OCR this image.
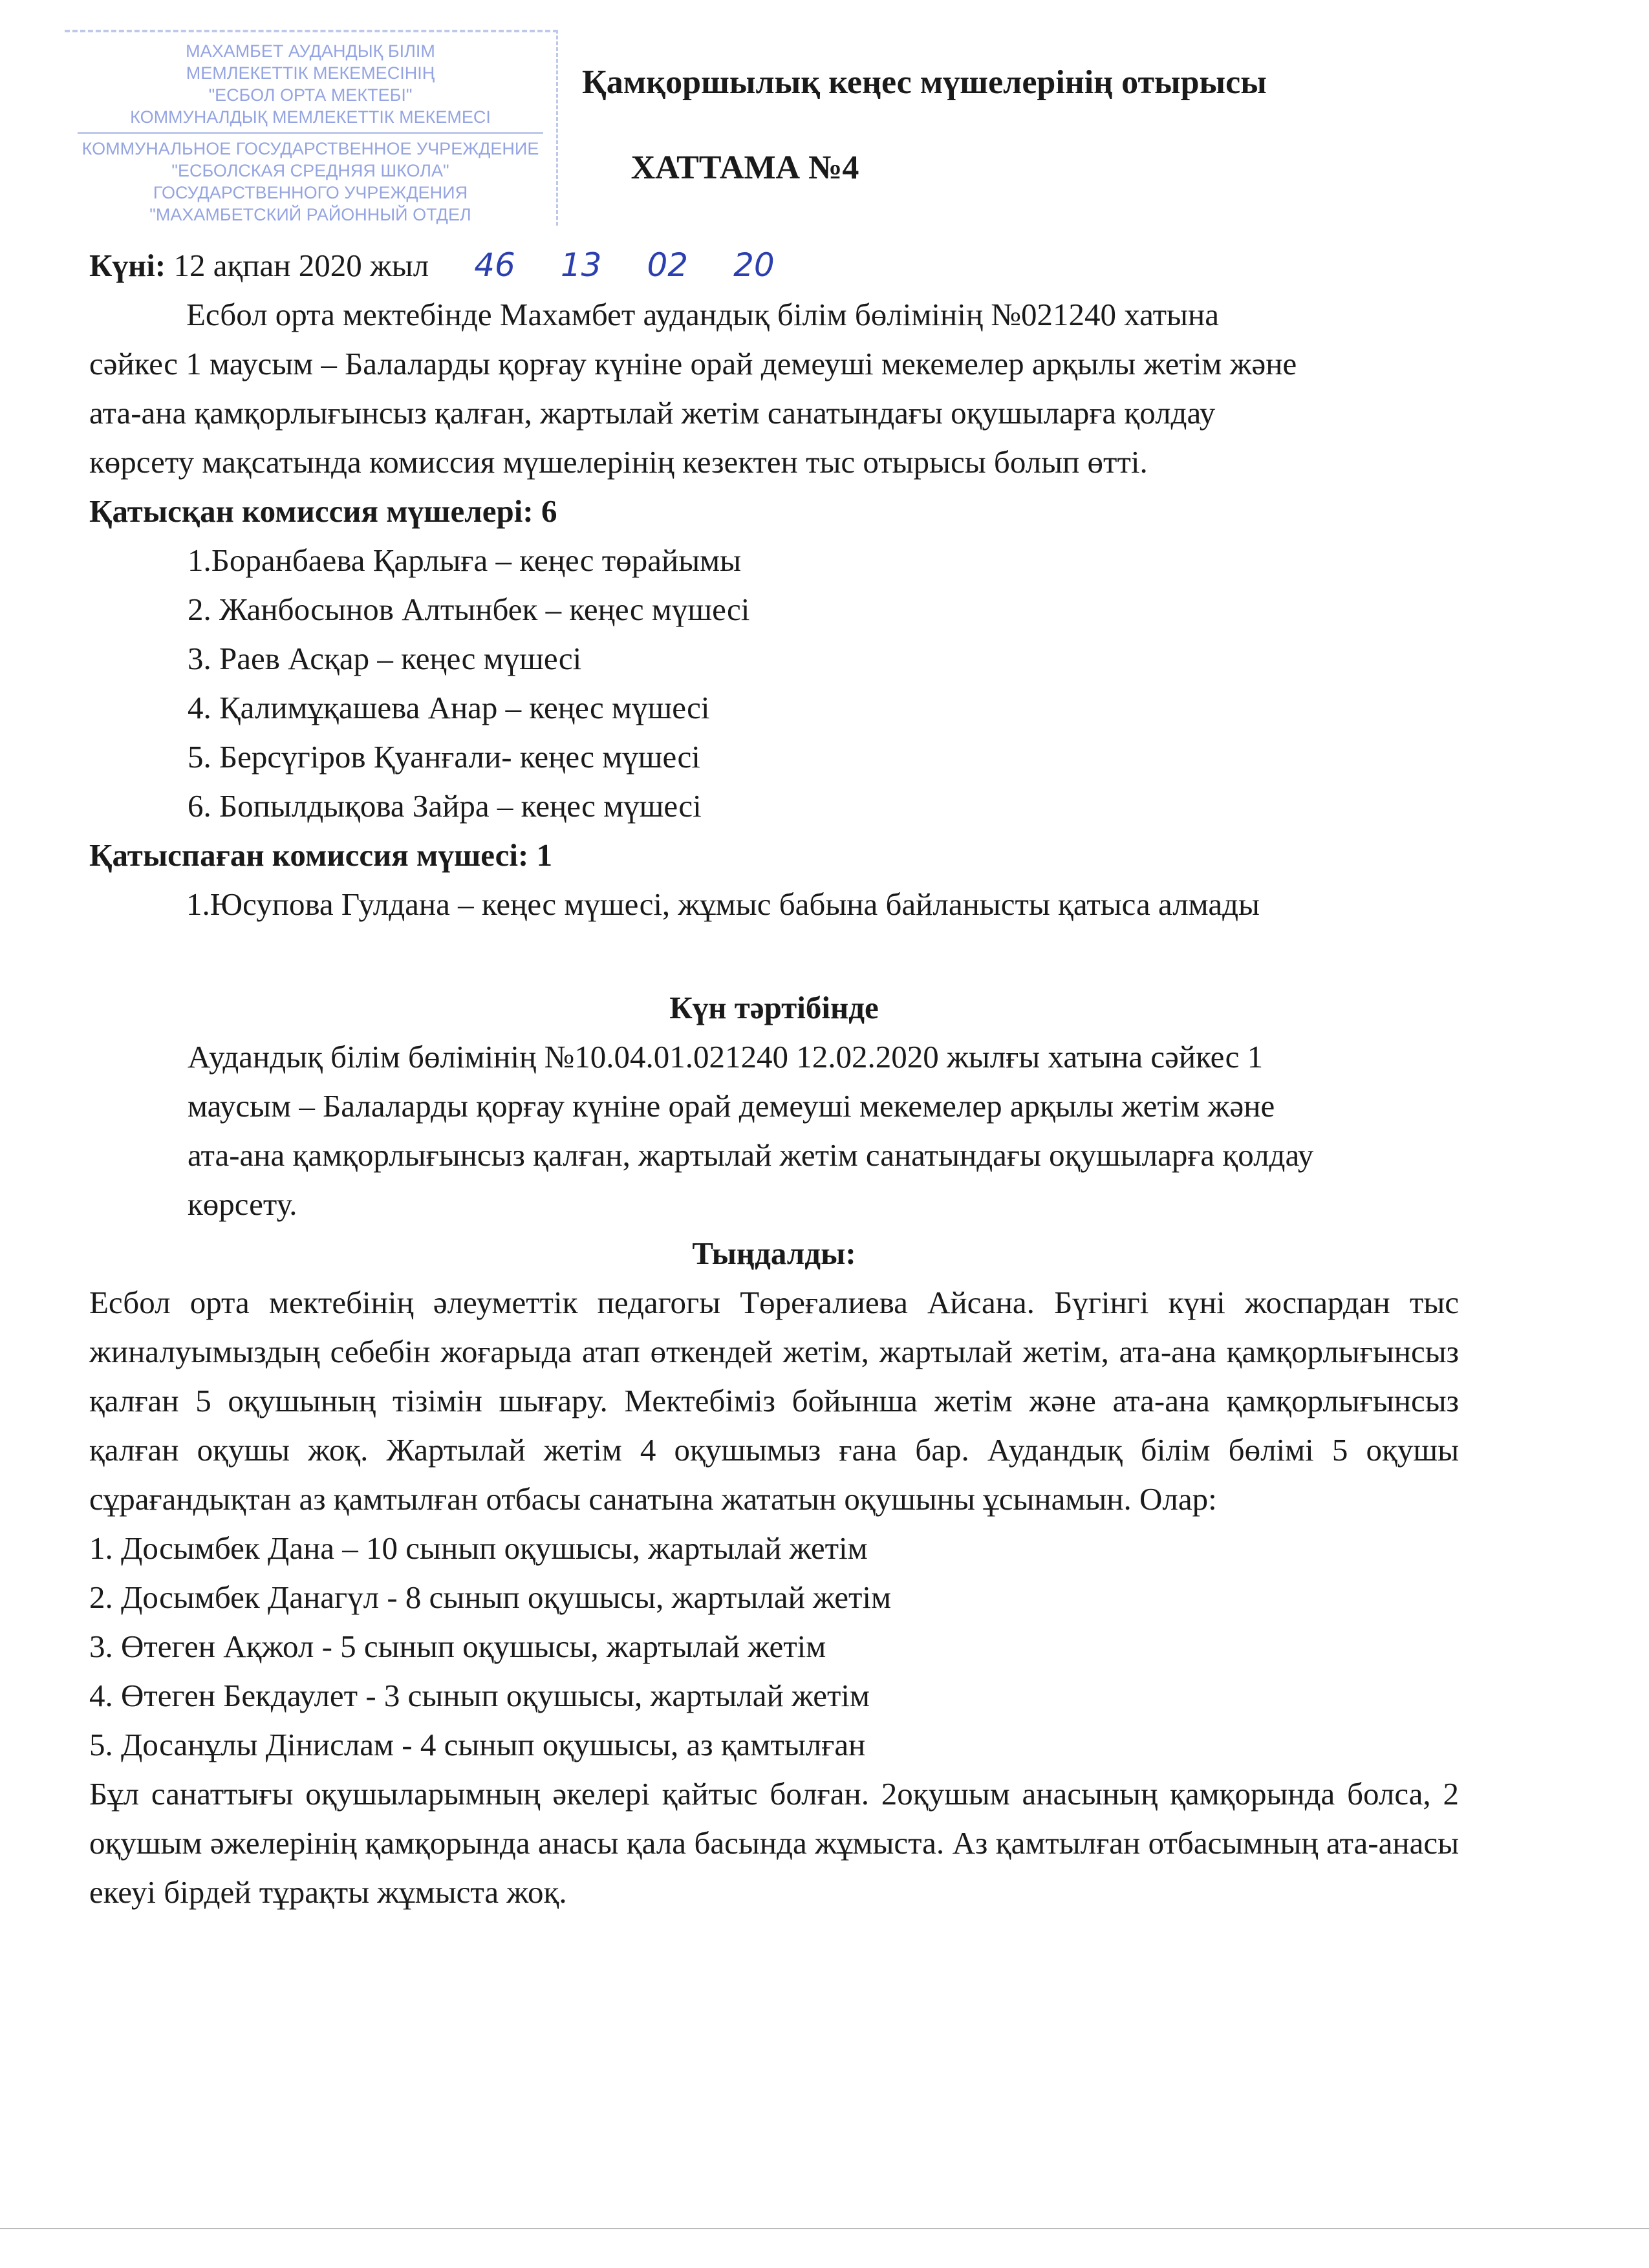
МАХАМБЕТ АУДАНДЫҚ БІЛІМ
МЕМЛЕКЕТТІК МЕКЕМЕСІНІҢ
"ЕСБОЛ ОРТА МЕКТЕБІ"
КОММУНАЛДЫҚ МЕМЛЕКЕТТІК МЕКЕМЕСІ
КОММУНАЛЬНОЕ ГОСУДАРСТВЕННОЕ УЧРЕЖДЕНИЕ
"ЕСБОЛСКАЯ СРЕДНЯЯ ШКОЛА"
ГОСУДАРСТВЕННОГО УЧРЕЖДЕНИЯ
"МАХАМБЕТСКИЙ РАЙОННЫЙ ОТДЕЛ
Қамқоршылық кеңес мүшелерінің отырысы
ХАТТАМА №4
Күні: 12 ақпан 2020 жыл 46 13 02 20
Есбол орта мектебінде Махамбет аудандық білім бөлімінің №021240 хатына сәйкес 1 маусым – Балаларды қорғау күніне орай демеуші мекемелер арқылы жетім және ата-ана қамқорлығынсыз қалған, жартылай жетім санатындағы оқушыларға қолдау көрсету мақсатында комиссия мүшелерінің кезектен тыс отырысы болып өтті.
Қатысқан комиссия мүшелері: 6
1.Боранбаева Қарлыға – кеңес төрайымы
2. Жанбосынов Алтынбек – кеңес мүшесі
3. Раев Асқар – кеңес мүшесі
4. Қалимұқашева Анар – кеңес мүшесі
5. Берсүгіров Қуанғали- кеңес мүшесі
6. Бопылдықова Зайра – кеңес мүшесі
Қатыспаған комиссия мүшесі: 1
1.Юсупова Гулдана – кеңес мүшесі, жұмыс бабына байланысты қатыса алмады
Күн тәртібінде
Аудандық білім бөлімінің №10.04.01.021240 12.02.2020 жылғы хатына сәйкес 1 маусым – Балаларды қорғау күніне орай демеуші мекемелер арқылы жетім және ата-ана қамқорлығынсыз қалған, жартылай жетім санатындағы оқушыларға қолдау көрсету.
Тыңдалды:
Есбол орта мектебінің әлеуметтік педагогы Төреғалиева Айсана. Бүгінгі күні жоспардан тыс жиналуымыздың себебін жоғарыда атап өткендей жетім, жартылай жетім, ата-ана қамқорлығынсыз қалған 5 оқушының тізімін шығару. Мектебіміз бойынша жетім және ата-ана қамқорлығынсыз қалған оқушы жоқ. Жартылай жетім 4 оқушымыз ғана бар. Аудандық білім бөлімі 5 оқушы сұрағандықтан аз қамтылған отбасы санатына жататын оқушыны ұсынамын. Олар:
1. Досымбек Дана – 10 сынып оқушысы, жартылай жетім
2. Досымбек Данагүл - 8 сынып оқушысы, жартылай жетім
3. Өтеген Ақжол - 5 сынып оқушысы, жартылай жетім
4. Өтеген Бекдаулет - 3 сынып оқушысы, жартылай жетім
5. Досанұлы Дінислам - 4 сынып оқушысы, аз қамтылған
Бұл санаттығы оқушыларымның әкелері қайтыс болған. 2оқушым анасының қамқорында болса, 2 оқушым әжелерінің қамқорында анасы қала басында жұмыста. Аз қамтылған отбасымның ата-анасы екеуі бірдей тұрақты жұмыста жоқ.
